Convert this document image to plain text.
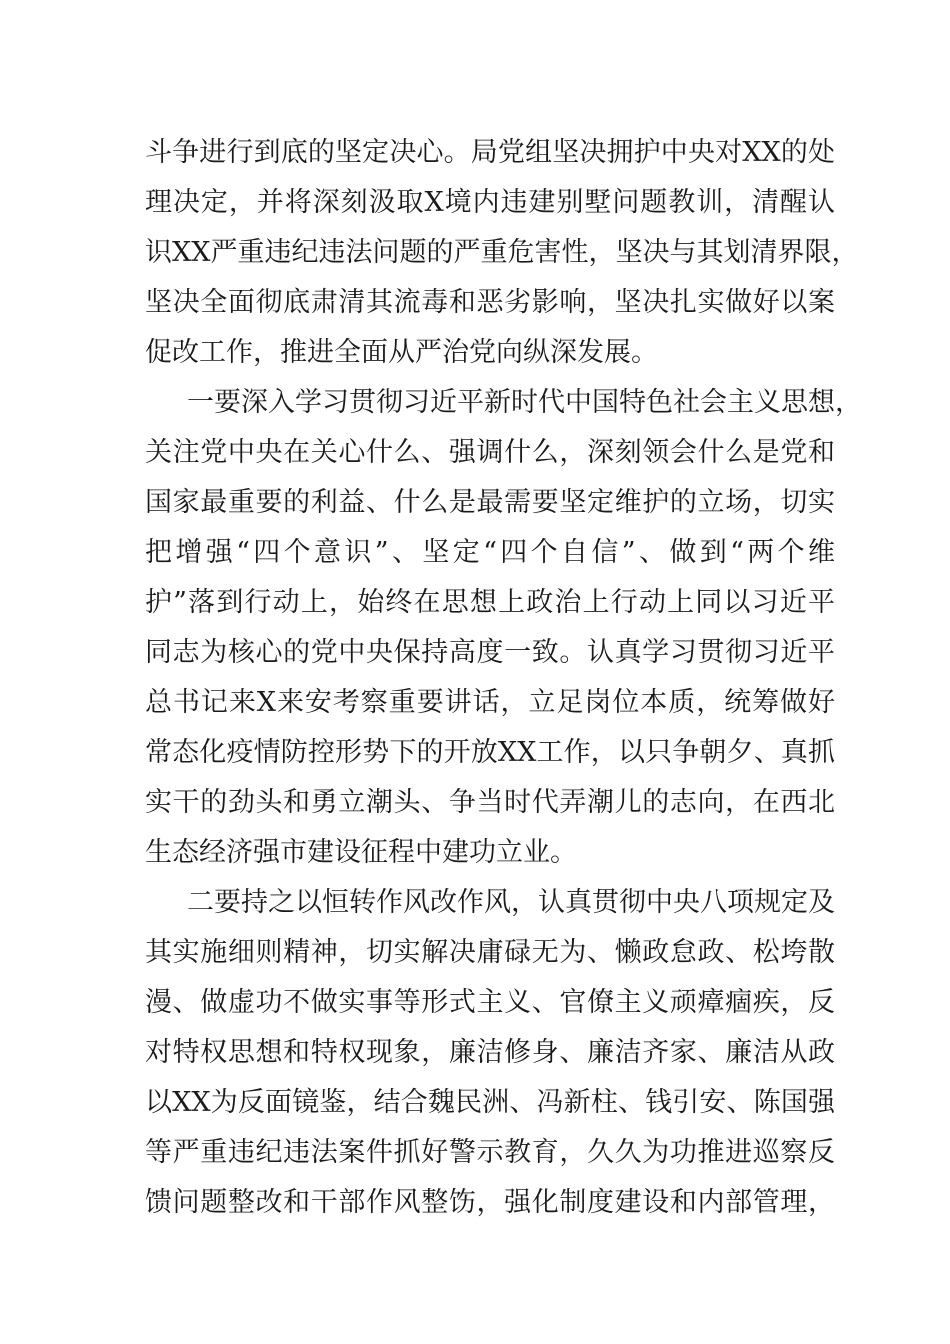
斗争进行到底的坚定决心。局党组坚决拥护中央对XX的处
理决定，并将深刻汲取X境内违建别墅问题教训，清醒认
识XX严重违纪违法问题的严重危害性，坚决与其划清界限，
坚决全面彻底肃清其流毒和恶劣影响，坚决扎实做好以案
促改工作，推进全面从严治党向纵深发展。
一要深入学习贯彻习近平新时代中国特色社会主义思想，
关注党中央在关心什么、强调什么，深刻领会什么是党和
国家最重要的利益、什么是最需要坚定维护的立场，切实
把增强“四个意识”、坚定“四个自信”、做到“两个维
护”落到行动上，始终在思想上政治上行动上同以习近平
同志为核心的党中央保持高度一致。认真学习贯彻习近平
总书记来X来安考察重要讲话，立足岗位本质，统筹做好
常态化疫情防控形势下的开放XX工作，以只争朝夕、真抓
实干的劲头和勇立潮头、争当时代弄潮儿的志向，在西北
生态经济强市建设征程中建功立业。
二要持之以恒转作风改作风，认真贯彻中央八项规定及
其实施细则精神，切实解决庸碌无为、懒政怠政、松垮散
漫、做虚功不做实事等形式主义、官僚主义顽瘴痼疾，反
对特权思想和特权现象，廉洁修身、廉洁齐家、廉洁从政
以XX为反面镜鉴，结合魏民洲、冯新柱、钱引安、陈国强
等严重违纪违法案件抓好警示教育，久久为功推进巡察反
馈问题整改和干部作风整饬，强化制度建设和内部管理，
